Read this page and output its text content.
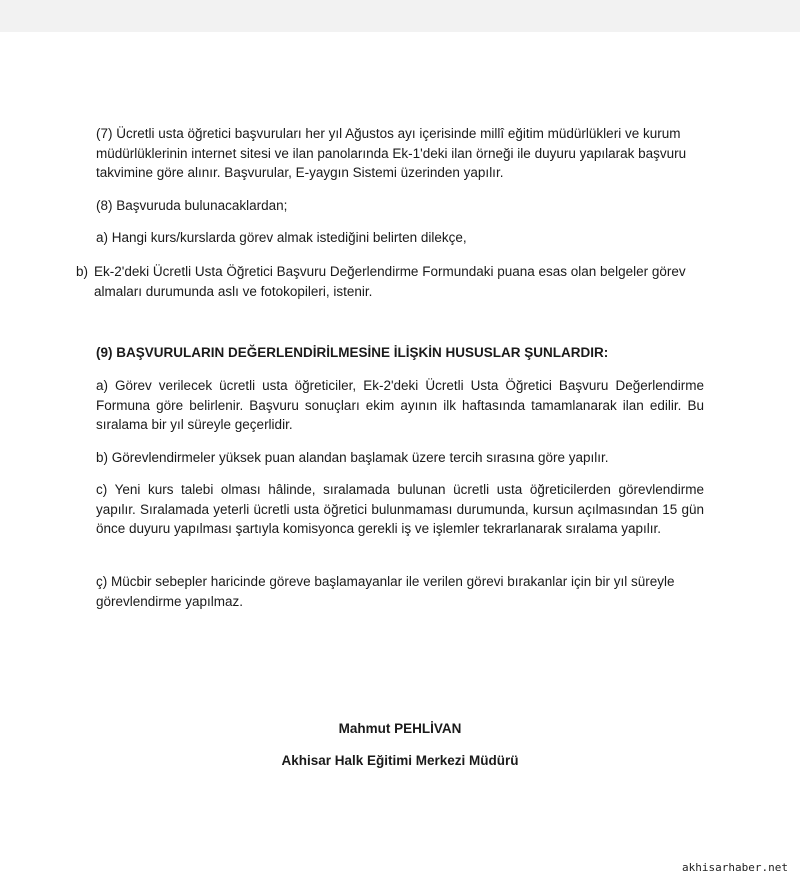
(7) Ücretli usta öğretici başvuruları her yıl Ağustos ayı içerisinde millî eğitim müdürlükleri ve kurum müdürlüklerinin internet sitesi ve ilan panolarında Ek-1'deki ilan örneği ile duyuru yapılarak başvuru takvimine göre alınır. Başvurular, E-yaygın Sistemi üzerinden yapılır.

(8) Başvuruda bulunacaklardan;

a) Hangi kurs/kurslarda görev almak istediğini belirten dilekçe,

b) Ek-2'deki Ücretli Usta Öğretici Başvuru Değerlendirme Formundaki puana esas olan belgeler görev almaları durumunda aslı ve fotokopileri, istenir.

(9) BAŞVURULARIN DEĞERLENDİRİLMESİNE İLİŞKİN HUSUSLAR ŞUNLARDIR:

a) Görev verilecek ücretli usta öğreticiler, Ek-2'deki Ücretli Usta Öğretici Başvuru Değerlendirme Formuna göre belirlenir. Başvuru sonuçları ekim ayının ilk haftasında tamamlanarak ilan edilir. Bu sıralama bir yıl süreyle geçerlidir.

b) Görevlendirmeler yüksek puan alandan başlamak üzere tercih sırasına göre yapılır.

c) Yeni kurs talebi olması hâlinde, sıralamada bulunan ücretli usta öğreticilerden görevlendirme yapılır. Sıralamada yeterli ücretli usta öğretici bulunmaması durumunda, kursun açılmasından 15 gün önce duyuru yapılması şartıyla komisyonca gerekli iş ve işlemler tekrarlanarak sıralama yapılır.

ç) Mücbir sebepler haricinde göreve başlamayanlar ile verilen görevi bırakanlar için bir yıl süreyle görevlendirme yapılmaz.

Mahmut PEHLİVAN
Akhisar Halk Eğitimi Merkezi Müdürü
akhisarhaber.net
